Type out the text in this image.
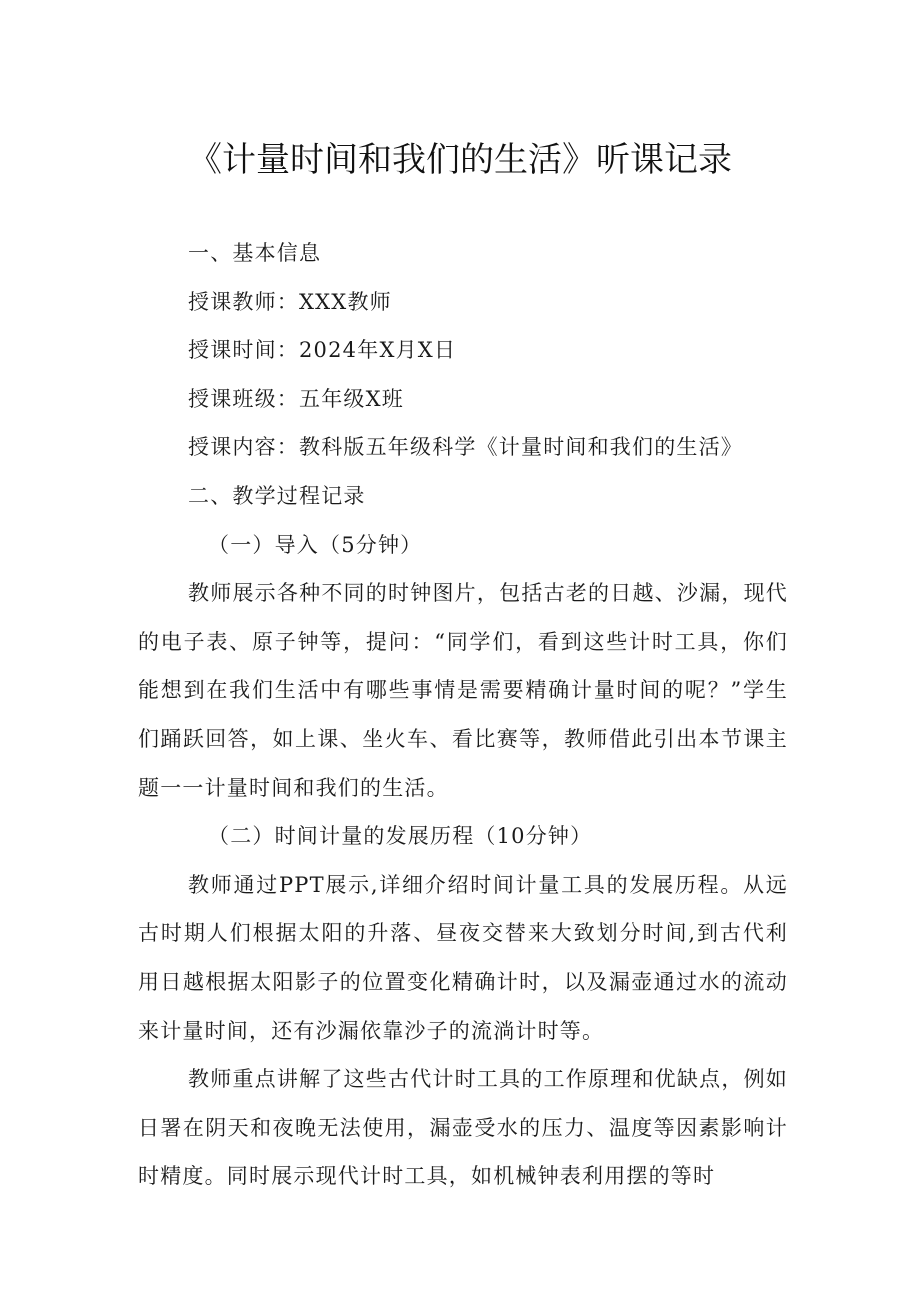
《计量时间和我们的生活》听课记录
一、基本信息
授课教师：XXX教师
授课时间：2024年X月X日
授课班级：五年级X班
授课内容：教科版五年级科学《计量时间和我们的生活》
二、教学过程记录
（一）导入（5分钟）

教师展示各种不同的时钟图片，包括古老的日越、沙漏，现代的电子表、原子钟等，提问：“同学们，看到这些计时工具，你们能想到在我们生活中有哪些事情是需要精确计量时间的呢？”学生们踊跃回答，如上课、坐火车、看比赛等，教师借此引出本节课主题一一计量时间和我们的生活。

（二）时间计量的发展历程（10分钟）

教师通过PPT展示,详细介绍时间计量工具的发展历程。从远古时期人们根据太阳的升落、昼夜交替来大致划分时间,到古代利用日越根据太阳影子的位置变化精确计时，以及漏壶通过水的流动来计量时间，还有沙漏依靠沙子的流淌计时等。

教师重点讲解了这些古代计时工具的工作原理和优缺点，例如日署在阴天和夜晚无法使用，漏壶受水的压力、温度等因素影响计时精度。同时展示现代计时工具，如机械钟表利用摆的等时
